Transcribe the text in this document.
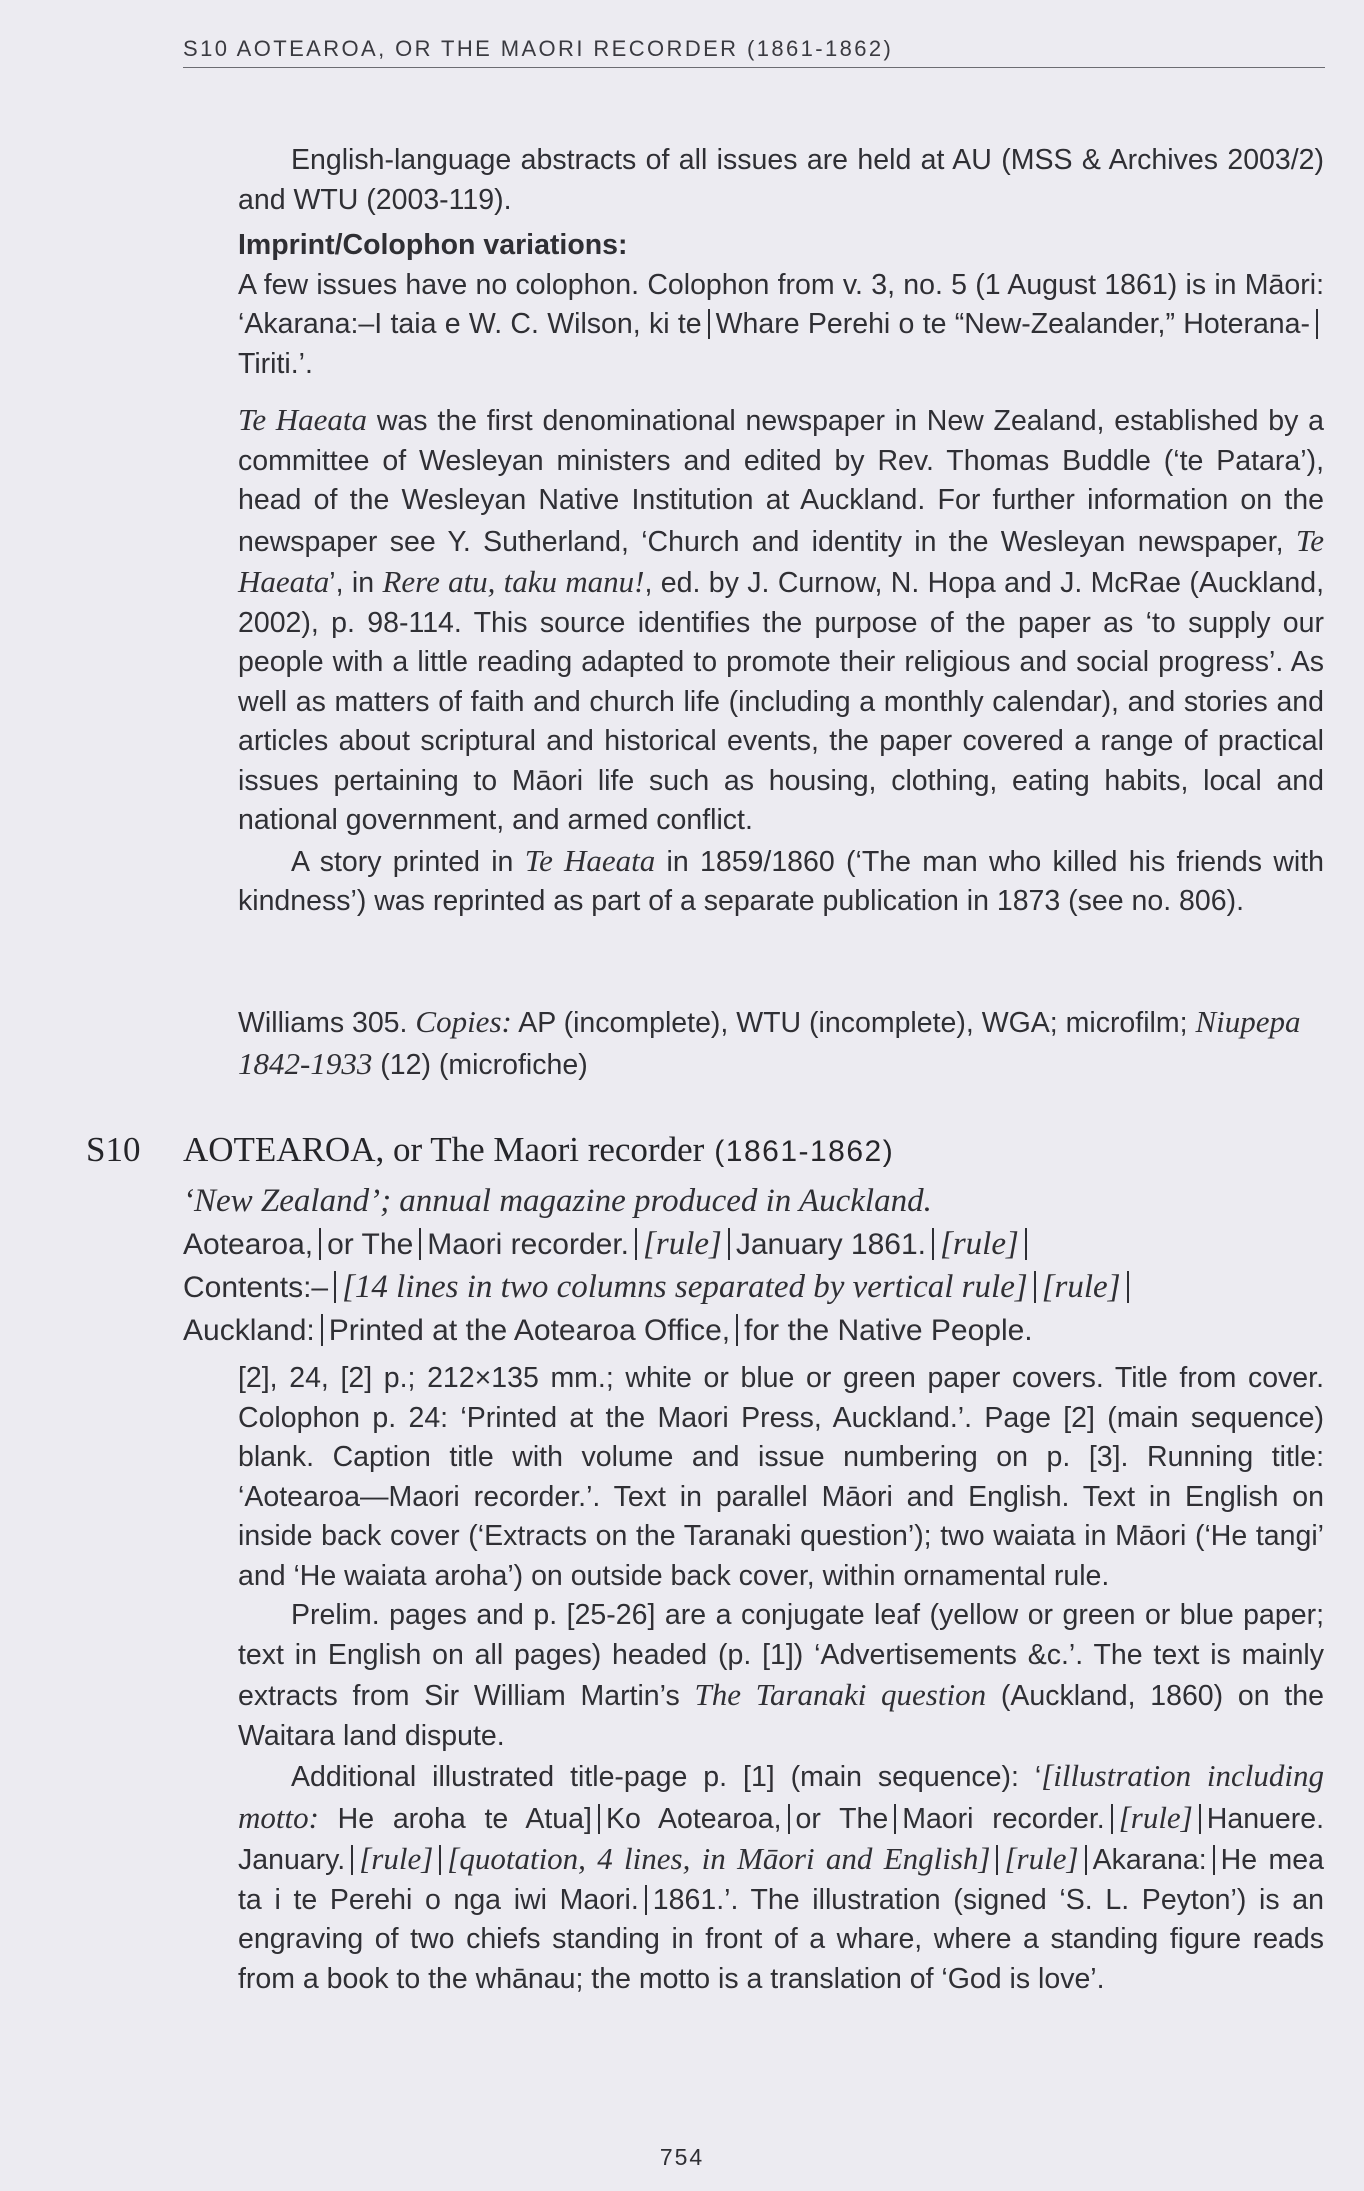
S10 AOTEAROA, OR THE MAORI RECORDER (1861-1862)

English-language abstracts of all issues are held at AU (MSS & Archives 2003/2) and WTU (2003-119).

Imprint/Colophon variations:

A few issues have no colophon. Colophon from v. 3, no. 5 (1 August 1861) is in Māori: ‘Akarana:–I taia e W. C. Wilson, ki te Whare Perehi o te “New-Zealander,” Hoterana-Tiriti.’.

Te Haeata was the first denominational newspaper in New Zealand, established by a committee of Wesleyan ministers and edited by Rev. Thomas Buddle (‘te Patara’), head of the Wesleyan Native Institution at Auckland. For further information on the newspaper see Y. Sutherland, ‘Church and identity in the Wesleyan newspaper, Te Haeata’, in Rere atu, taku manu!, ed. by J. Curnow, N. Hopa and J. McRae (Auckland, 2002), p. 98-114. This source identifies the purpose of the paper as ‘to supply our people with a little reading adapted to promote their religious and social progress’. As well as matters of faith and church life (including a monthly calendar), and stories and articles about scriptural and historical events, the paper covered a range of practical issues pertaining to Māori life such as housing, clothing, eating habits, local and national government, and armed conflict.

A story printed in Te Haeata in 1859/1860 (‘The man who killed his friends with kindness’) was reprinted as part of a separate publication in 1873 (see no. 806).

Williams 305. Copies: AP (incomplete), WTU (incomplete), WGA; microfilm; Niupepa 1842-1933 (12) (microfiche)

S10 AOTEAROA, or The Maori recorder (1861-1862)
‘New Zealand’; annual magazine produced in Auckland.
Aotearoa, or The Maori recorder. [rule] January 1861. [rule]
Contents:– [14 lines in two columns separated by vertical rule] [rule]
Auckland: Printed at the Aotearoa Office, for the Native People.

[2], 24, [2] p.; 212×135 mm.; white or blue or green paper covers. Title from cover. Colophon p. 24: ‘Printed at the Maori Press, Auckland.’. Page [2] (main sequence) blank. Caption title with volume and issue numbering on p. [3]. Running title: ‘Aotearoa—Maori recorder.’. Text in parallel Māori and English. Text in English on inside back cover (‘Extracts on the Taranaki question’); two waiata in Māori (‘He tangi’ and ‘He waiata aroha’) on outside back cover, within ornamental rule.

Prelim. pages and p. [25-26] are a conjugate leaf (yellow or green or blue paper; text in English on all pages) headed (p. [1]) ‘Advertisements &c.’. The text is mainly extracts from Sir William Martin’s The Taranaki question (Auckland, 1860) on the Waitara land dispute.

Additional illustrated title-page p. [1] (main sequence): ‘[illustration including motto: He aroha te Atua] Ko Aotearoa, or The Maori recorder. [rule] Hanuere. January. [rule] [quotation, 4 lines, in Māori and English] [rule] Akarana: He mea ta i te Perehi o nga iwi Maori. 1861.’. The illustration (signed ‘S. L. Peyton’) is an engraving of two chiefs standing in front of a whare, where a standing figure reads from a book to the whānau; the motto is a translation of ‘God is love’.

754
